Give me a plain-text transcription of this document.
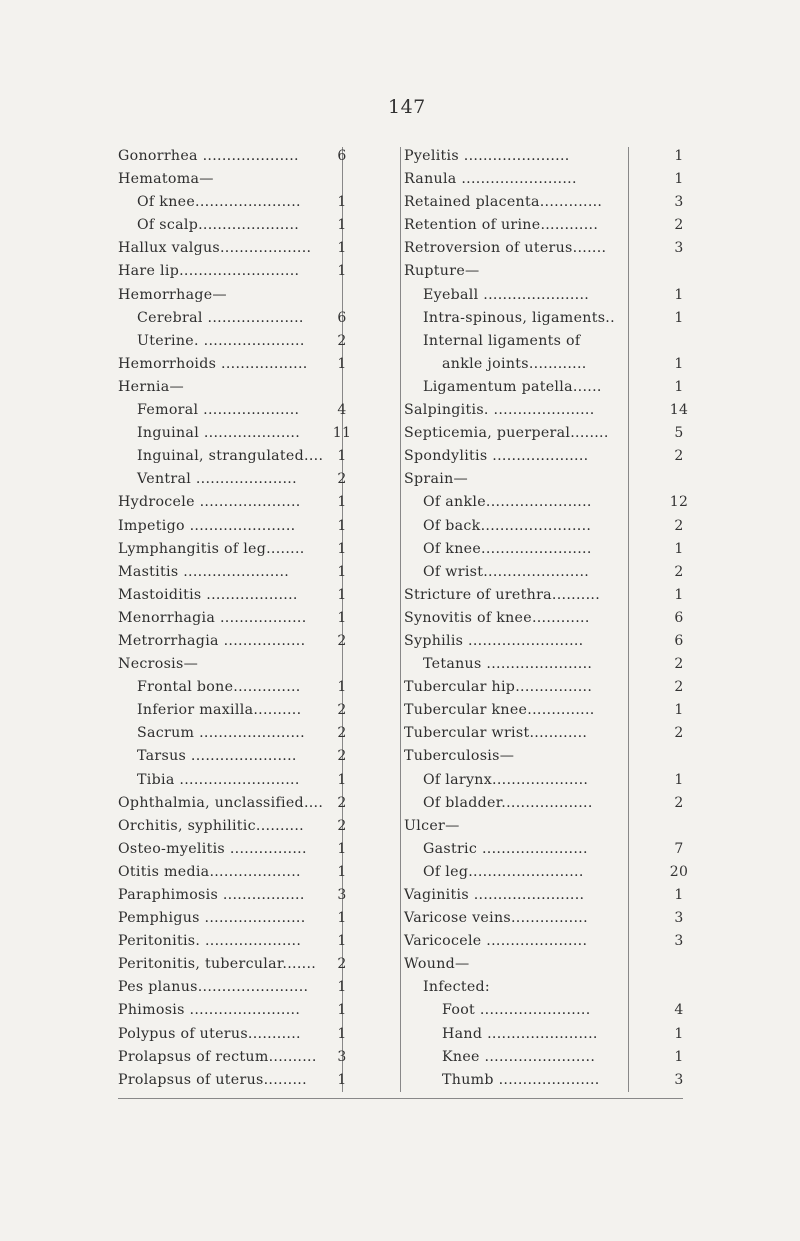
147
Gonorrhea ....................	6
Hematoma—
Of knee......................	1
Of scalp.....................	1
Hallux valgus...................	1
Hare lip.........................	1
Hemorrhage—
Cerebral ....................	6
Uterine. .....................	2
Hemorrhoids ..................	1
Hernia—
Femoral ....................	4
Inguinal ....................	11
Inguinal, strangulated....	1
Ventral .....................	2
Hydrocele .....................	1
Impetigo ......................	1
Lymphangitis of leg........	1
Mastitis ......................	1
Mastoiditis ...................	1
Menorrhagia ..................	1
Metrorrhagia .................	2
Necrosis—
Frontal bone..............	1
Inferior maxilla..........	2
Sacrum ......................	2
Tarsus ......................	2
Tibia .........................	1
Ophthalmia, unclassified....	2
Orchitis, syphilitic..........	2
Osteo-myelitis ................	1
Otitis media...................	1
Paraphimosis .................	3
Pemphigus .....................	1
Peritonitis. ....................	1
Peritonitis, tubercular.......	2
Pes planus.......................	1
Phimosis .......................	1
Polypus of uterus...........	1
Prolapsus of rectum..........	3
Prolapsus of uterus.........	1
Pyelitis ......................	1
Ranula ........................	1
Retained placenta.............	3
Retention of urine............	2
Retroversion of uterus.......	3
Rupture—
Eyeball ......................	1
Intra-spinous, ligaments..	1
Internal ligaments of
ankle joints............	1
Ligamentum patella......	1
Salpingitis. .....................	14
Septicemia, puerperal........	5
Spondylitis ....................	2
Sprain—
Of ankle......................	12
Of back.......................	2
Of knee.......................	1
Of wrist......................	2
Stricture of urethra..........	1
Synovitis of knee............	6
Syphilis ........................	6
Tetanus ......................	2
Tubercular hip................	2
Tubercular knee..............	1
Tubercular wrist............	2
Tuberculosis—
Of larynx....................	1
Of bladder...................	2
Ulcer—
Gastric ......................	7
Of leg........................	20
Vaginitis .......................	1
Varicose veins................	3
Varicocele .....................	3
Wound—
Infected:
Foot .......................	4
Hand .......................	1
Knee .......................	1
Thumb .....................	3
